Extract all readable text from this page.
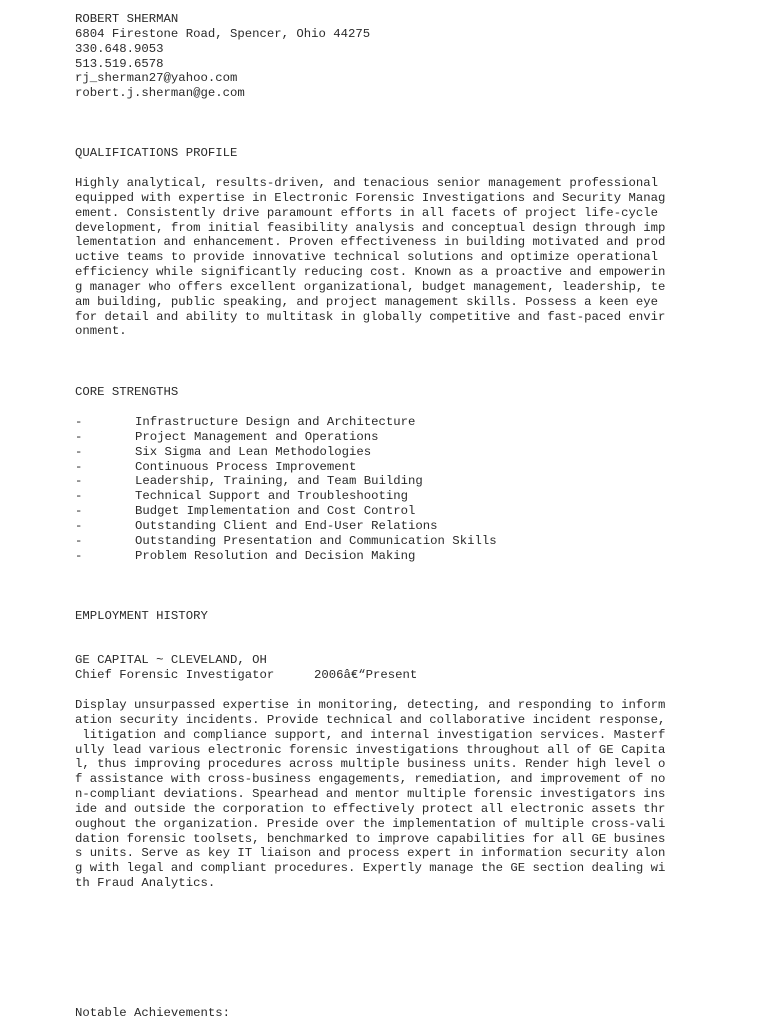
ROBERT SHERMAN
6804 Firestone Road, Spencer, Ohio 44275
330.648.9053
513.519.6578
rj_sherman27@yahoo.com
robert.j.sherman@ge.com
QUALIFICATIONS PROFILE
Highly analytical, results-driven, and tenacious senior management professional
equipped with expertise in Electronic Forensic Investigations and Security Manag
ement. Consistently drive paramount efforts in all facets of project life-cycle
development, from initial feasibility analysis and conceptual design through imp
lementation and enhancement. Proven effectiveness in building motivated and prod
uctive teams to provide innovative technical solutions and optimize operational
efficiency while significantly reducing cost. Known as a proactive and empowerin
g manager who offers excellent organizational, budget management, leadership, te
am building, public speaking, and project management skills. Possess a keen eye
for detail and ability to multitask in globally competitive and fast-paced envir
onment.
CORE STRENGTHS

-

	Infrastructure Design and Architecture

-

	Project Management and Operations

-

	Six Sigma and Lean Methodologies

-

	Continuous Process Improvement

-

	Leadership, Training, and Team Building

-

	Technical Support and Troubleshooting

-

	Budget Implementation and Cost Control

-

	Outstanding Client and End-User Relations

-

	Outstanding Presentation and Communication Skills

-

	Problem Resolution and Decision Making

EMPLOYMENT HISTORY
GE CAPITAL ~ CLEVELAND, OH

Chief Forensic Investigator

	2006â€“Present

Display unsurpassed expertise in monitoring, detecting, and responding to inform
ation security incidents. Provide technical and collaborative incident response,
litigation and compliance support, and internal investigation services. Masterf
ully lead various electronic forensic investigations throughout all of GE Capita
l, thus improving procedures across multiple business units. Render high level o
f assistance with cross-business engagements, remediation, and improvement of no
n-compliant deviations. Spearhead and mentor multiple forensic investigators ins
ide and outside the corporation to effectively protect all electronic assets thr
oughout the organization. Preside over the implementation of multiple cross-vali
dation forensic toolsets, benchmarked to improve capabilities for all GE busines
s units. Serve as key IT liaison and process expert in information security alon
g with legal and compliant procedures. Expertly manage the GE section dealing wi
th Fraud Analytics.
Notable Achievements:
